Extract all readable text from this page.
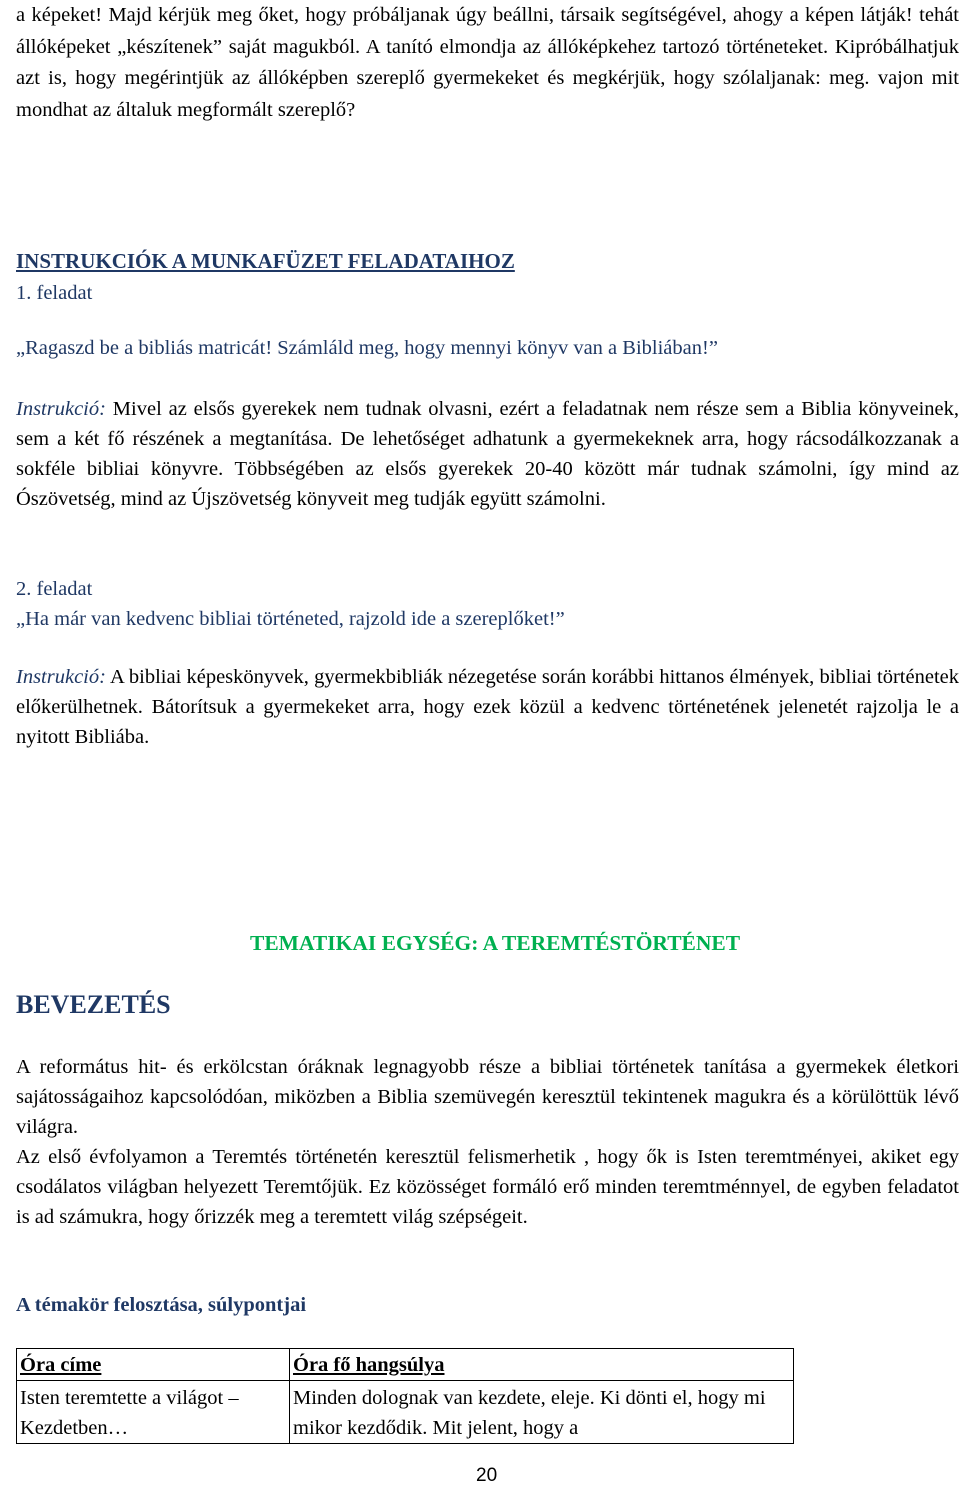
a képeket! Majd kérjük meg őket, hogy próbáljanak úgy beállni, társaik segítségével, ahogy a képen látják! tehát állóképeket „készítenek” saját magukból. A tanító elmondja az állóképkehez tartozó történeteket. Kipróbálhatjuk azt is, hogy megérintjük az állóképben szereplő gyermekeket és megkérjük, hogy szólaljanak: meg. vajon mit mondhat az általuk megformált szereplő?

INSTRUKCIÓK A MUNKAFÜZET FELADATAIHOZ
1. feladat
„Ragaszd be a bibliás matricát! Számláld meg, hogy mennyi könyv van a Bibliában!”

Instrukció: Mivel az elsős gyerekek nem tudnak olvasni, ezért a feladatnak nem része sem a Biblia könyveinek, sem a két fő részének a megtanítása. De lehetőséget adhatunk a gyermekeknek arra, hogy rácsodálkozzanak a sokféle bibliai könyvre. Többségében az elsős gyerekek 20-40 között már tudnak számolni, így mind az Ószövetség, mind az Újszövetség könyveit meg tudják együtt számolni.

2. feladat
„Ha már van kedvenc bibliai történeted, rajzold ide a szereplőket!”

Instrukció: A bibliai képeskönyvek, gyermekbibliák nézegetése során korábbi hittanos élmények, bibliai történetek előkerülhetnek. Bátorítsuk a gyermekeket arra, hogy ezek közül a kedvenc történetének jelenetét rajzolja le a nyitott Bibliába.

TEMATIKAI EGYSÉG: A TEREMTÉSTÖRTÉNET
BEVEZETÉS

A református hit- és erkölcstan óráknak legnagyobb része a bibliai történetek tanítása a gyermekek életkori sajátosságaihoz kapcsolódóan, miközben a Biblia szemüvegén keresztül tekintenek magukra és a körülöttük lévő világra.

Az első évfolyamon a Teremtés történetén keresztül felismerhetik , hogy ők is Isten teremtményei, akiket egy csodálatos világban helyezett Teremtőjük. Ez közösséget formáló erő minden teremtménnyel, de egyben feladatot is ad számukra, hogy őrizzék meg a teremtett világ szépségeit.

A témakör felosztása, súlypontjai
Óra címe	Óra fő hangsúlya
Isten teremtette a világot – Kezdetben…	Minden dolognak van kezdete, eleje. Ki dönti el, hogy mi mikor kezdődik. Mit jelent, hogy a
20
